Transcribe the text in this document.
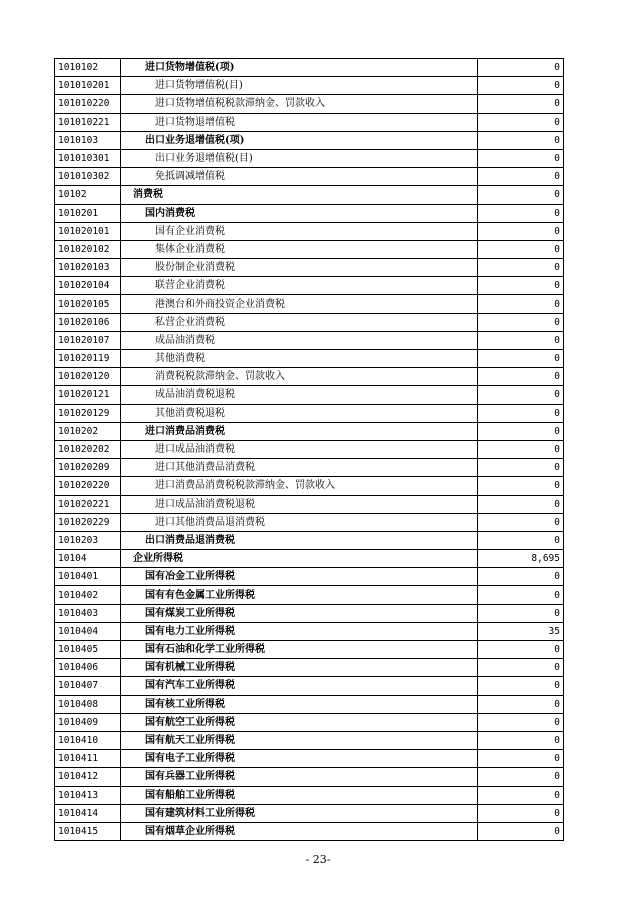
1010102	进口货物增值税(项)	0
101010201	进口货物增值税(目)	0
101010220	进口货物增值税税款滞纳金、罚款收入	0
101010221	进口货物退增值税	0
1010103	出口业务退增值税(项)	0
101010301	出口业务退增值税(目)	0
101010302	免抵调减增值税	0
10102	消费税	0
1010201	国内消费税	0
101020101	国有企业消费税	0
101020102	集体企业消费税	0
101020103	股份制企业消费税	0
101020104	联营企业消费税	0
101020105	港澳台和外商投资企业消费税	0
101020106	私营企业消费税	0
101020107	成品油消费税	0
101020119	其他消费税	0
101020120	消费税税款滞纳金、罚款收入	0
101020121	成品油消费税退税	0
101020129	其他消费税退税	0
1010202	进口消费品消费税	0
101020202	进口成品油消费税	0
101020209	进口其他消费品消费税	0
101020220	进口消费品消费税税款滞纳金、罚款收入	0
101020221	进口成品油消费税退税	0
101020229	进口其他消费品退消费税	0
1010203	出口消费品退消费税	0
10104	企业所得税	8,695
1010401	国有冶金工业所得税	0
1010402	国有有色金属工业所得税	0
1010403	国有煤炭工业所得税	0
1010404	国有电力工业所得税	35
1010405	国有石油和化学工业所得税	0
1010406	国有机械工业所得税	0
1010407	国有汽车工业所得税	0
1010408	国有核工业所得税	0
1010409	国有航空工业所得税	0
1010410	国有航天工业所得税	0
1010411	国有电子工业所得税	0
1010412	国有兵器工业所得税	0
1010413	国有船舶工业所得税	0
1010414	国有建筑材料工业所得税	0
1010415	国有烟草企业所得税	0
- 23-
